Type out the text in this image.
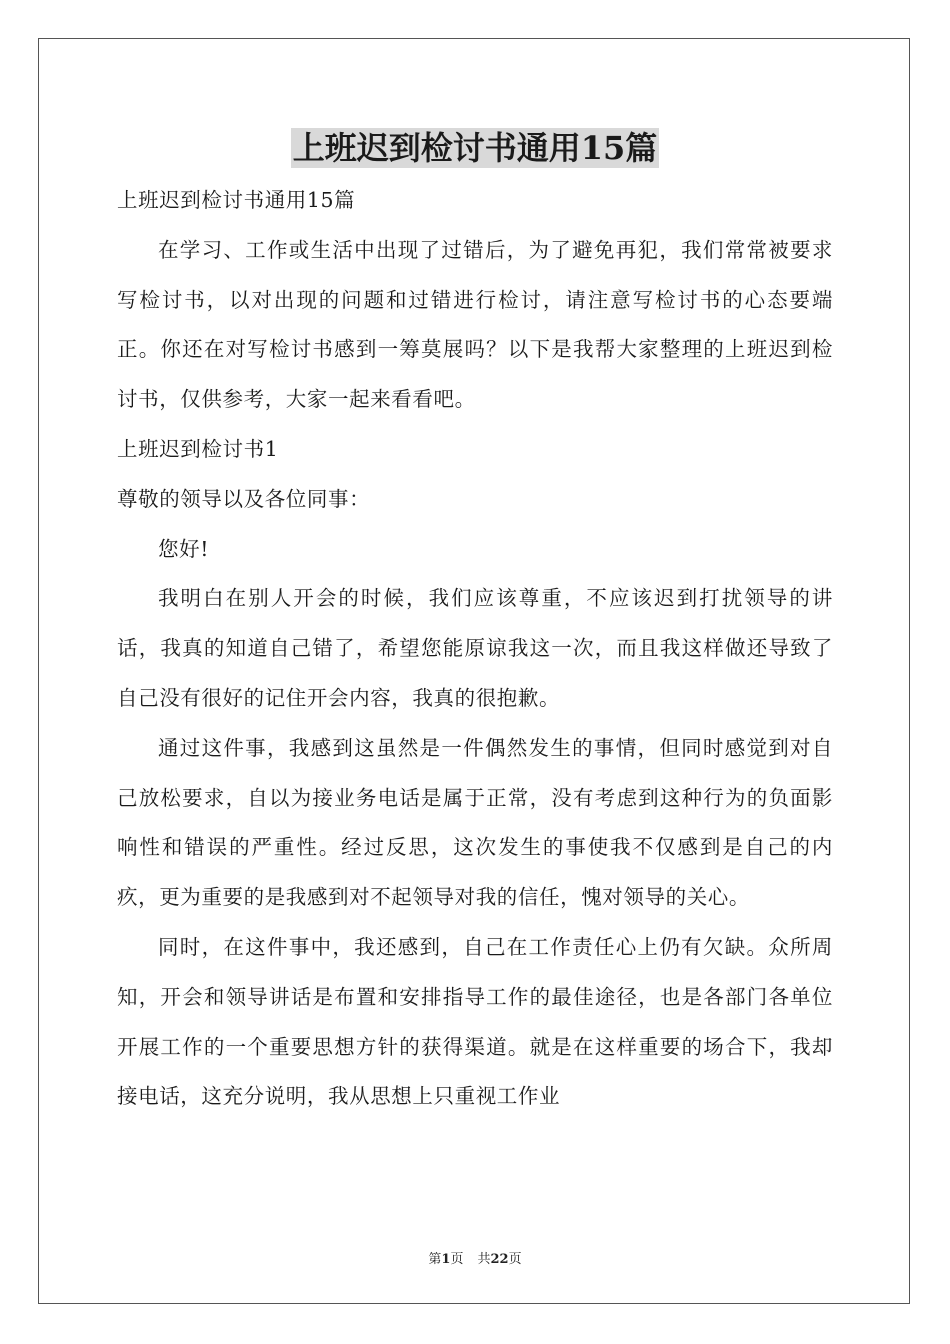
上班迟到检讨书通用15篇

上班迟到检讨书通用15篇

在学习、工作或生活中出现了过错后，为了避免再犯，我们常常被要求写检讨书，以对出现的问题和过错进行检讨，请注意写检讨书的心态要端正。你还在对写检讨书感到一筹莫展吗？以下是我帮大家整理的上班迟到检讨书，仅供参考，大家一起来看看吧。

上班迟到检讨书1

尊敬的领导以及各位同事：

您好!

我明白在别人开会的时候，我们应该尊重，不应该迟到打扰领导的讲话，我真的知道自己错了，希望您能原谅我这一次，而且我这样做还导致了自己没有很好的记住开会内容，我真的很抱歉。

通过这件事，我感到这虽然是一件偶然发生的事情，但同时感觉到对自己放松要求，自以为接业务电话是属于正常，没有考虑到这种行为的负面影响性和错误的严重性。经过反思，这次发生的事使我不仅感到是自己的内疚，更为重要的是我感到对不起领导对我的信任，愧对领导的关心。

同时，在这件事中，我还感到，自己在工作责任心上仍有欠缺。众所周知，开会和领导讲话是布置和安排指导工作的最佳途径，也是各部门各单位开展工作的一个重要思想方针的获得渠道。就是在这样重要的场合下，我却接电话，这充分说明，我从思想上只重视工作业

第1页 共22页
